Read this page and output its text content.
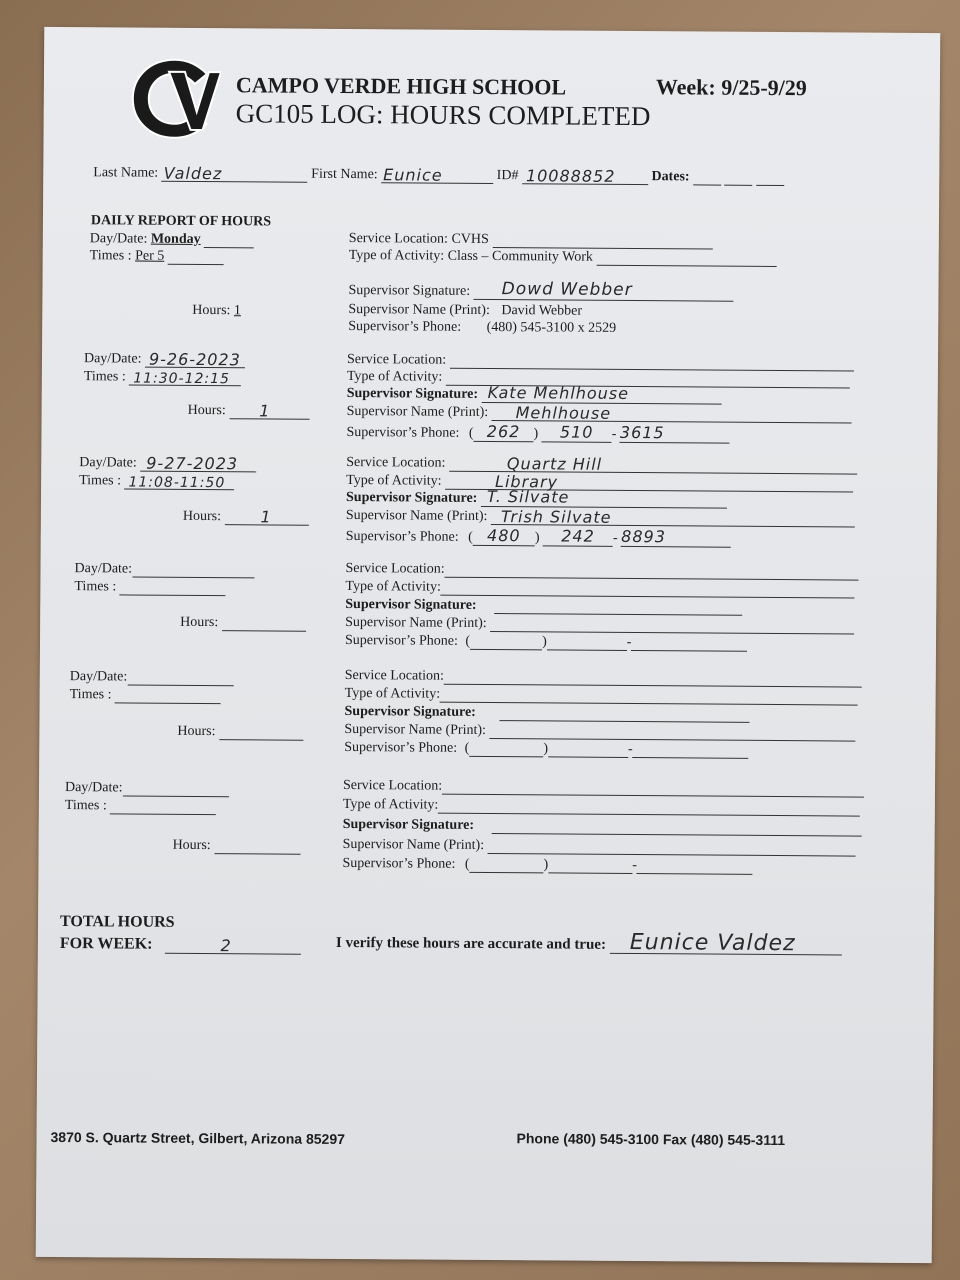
CAMPO VERDE HIGH SCHOOL	Week: 9/25-9/29
GC105 LOG: HOURS COMPLETED
Last Name: Valdez	First Name: Eunice	ID# 10088852	Dates:
DAILY REPORT OF HOURS
Day/Date: Monday
Times : Per 5
Hours: 1
Service Location: CVHS
Type of Activity: Class – Community Work
Supervisor Signature: Dowd Webber
Supervisor Name (Print): David Webber
Supervisor’s Phone: (480) 545-3100 x 2529
Day/Date: 9-26-2023
Times : 11:30-12:15
Hours: 1
Service Location:
Type of Activity:
Supervisor Signature: Kate Mehlhouse
Supervisor Name (Print): Mehlhouse
Supervisor’s Phone: ( 262 ) 510 - 3615
Day/Date: 9-27-2023
Times : 11:08-11:50
Hours: 1
Service Location:	Quartz Hill
Type of Activity:	Library
Supervisor Signature: T. Silvate
Supervisor Name (Print): Trish Silvate
Supervisor’s Phone: ( 480 ) 242 - 8893
Day/Date:
Times :
Hours:
Service Location:
Type of Activity:
Supervisor Signature:
Supervisor Name (Print):
Supervisor’s Phone: (	)	-
Day/Date:
Times :
Hours:
Service Location:
Type of Activity:
Supervisor Signature:
Supervisor Name (Print):
Supervisor’s Phone: (	)	-
Day/Date:
Times :
Hours:
Service Location:
Type of Activity:
Supervisor Signature:
Supervisor Name (Print):
Supervisor’s Phone: (	)	-
TOTAL HOURS
FOR WEEK:	2	I verify these hours are accurate and true: Eunice Valdez
3870 S. Quartz Street, Gilbert, Arizona 85297	Phone (480) 545-3100 Fax (480) 545-3111
